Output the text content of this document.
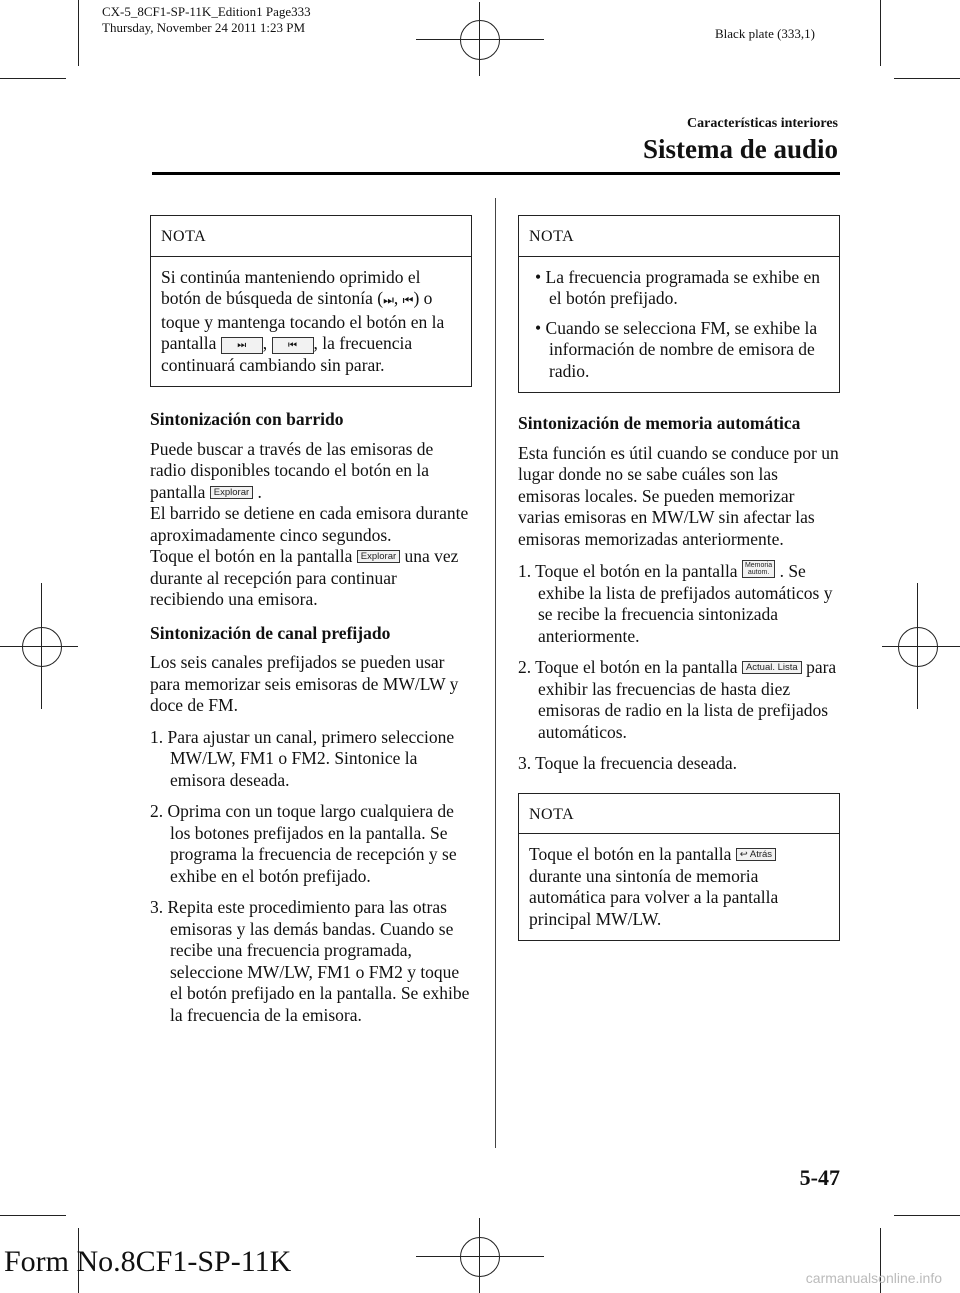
CX-5_8CF1-SP-11K_Edition1 Page333
Thursday, November 24 2011 1:23 PM	Black plate (333,1)
Características interiores
Sistema de audio
NOTA
Si continúa manteniendo oprimido el botón de búsqueda de sintonía (⏭, ⏮) o toque y mantenga tocando el botón en la pantalla ⏭ , ⏮ , la frecuencia continuará cambiando sin parar.
Sintonización con barrido

Puede buscar a través de las emisoras de radio disponibles tocando el botón en la pantalla Explorar .

El barrido se detiene en cada emisora durante aproximadamente cinco segundos.

Toque el botón en la pantalla Explorar una vez durante al recepción para continuar recibiendo una emisora.

Sintonización de canal prefijado

Los seis canales prefijados se pueden usar para memorizar seis emisoras de MW/LW y doce de FM.

1. Para ajustar un canal, primero seleccione MW/LW, FM1 o FM2. Sintonice la emisora deseada.
2. Oprima con un toque largo cualquiera de los botones prefijados en la pantalla. Se programa la frecuencia de recepción y se exhibe en el botón prefijado.
3. Repita este procedimiento para las otras emisoras y las demás bandas. Cuando se recibe una frecuencia programada, seleccione MW/LW, FM1 o FM2 y toque el botón prefijado en la pantalla. Se exhibe la frecuencia de la emisora.
NOTA
• La frecuencia programada se exhibe en el botón prefijado.
• Cuando se selecciona FM, se exhibe la información de nombre de emisora de radio.
Sintonización de memoria automática

Esta función es útil cuando se conduce por un lugar donde no se sabe cuáles son las emisoras locales. Se pueden memorizar varias emisoras en MW/LW sin afectar las emisoras memorizadas anteriormente.

1. Toque el botón en la pantalla Memoria
autom. . Se exhibe la lista de prefijados automáticos y se recibe la frecuencia sintonizada anteriormente.
2. Toque el botón en la pantalla Actual. Lista para exhibir las frecuencias de hasta diez emisoras de radio en la lista de prefijados automáticos.
3. Toque la frecuencia deseada.
NOTA
Toque el botón en la pantalla ↩ Atrás durante una sintonía de memoria automática para volver a la pantalla principal MW/LW.
5-47
Form No.8CF1-SP-11K	carmanualsonline.info
